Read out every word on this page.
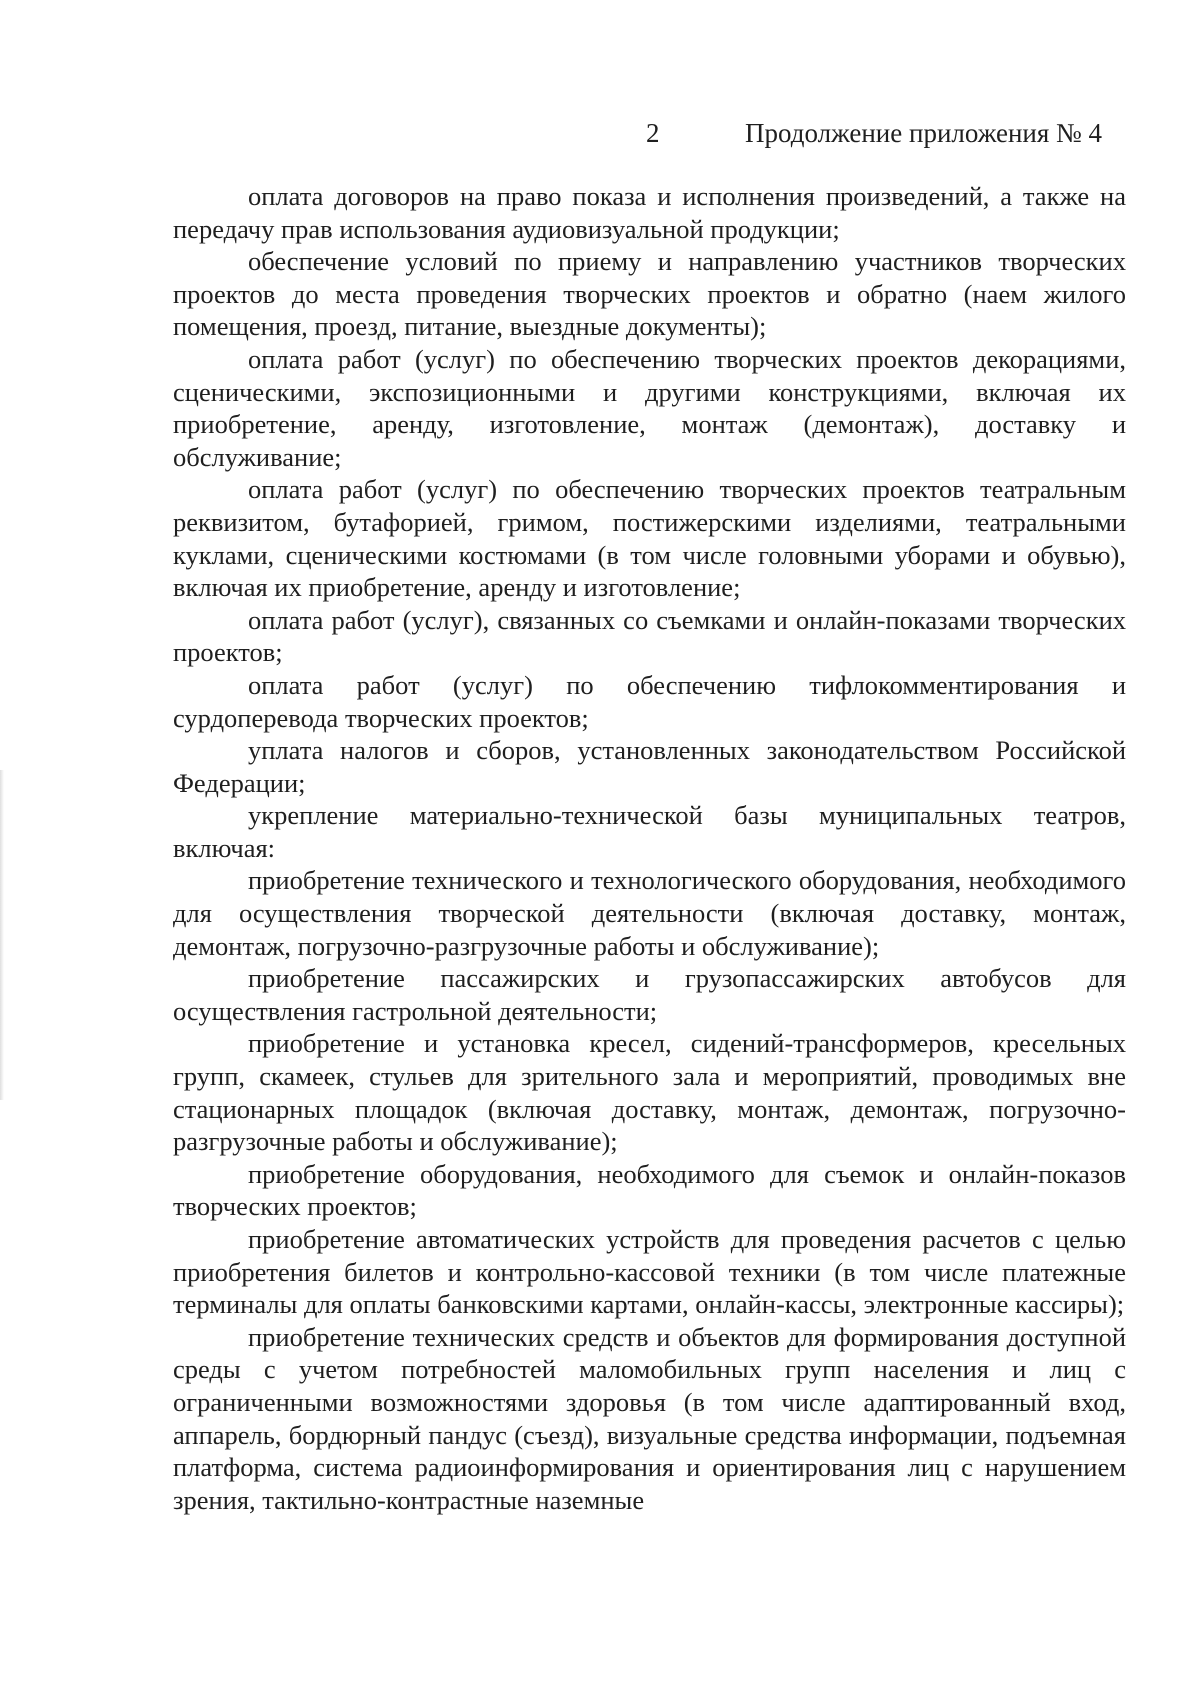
2	Продолжение приложения № 4

оплата договоров на право показа и исполнения произведений, а также на передачу прав использования аудиовизуальной продукции;

обеспечение условий по приему и направлению участников творческих проектов до места проведения творческих проектов и обратно (наем жилого помещения, проезд, питание, выездные документы);

оплата работ (услуг) по обеспечению творческих проектов декорациями, сценическими, экспозиционными и другими конструкциями, включая их приобретение, аренду, изготовление, монтаж (демонтаж), доставку и обслуживание;

оплата работ (услуг) по обеспечению творческих проектов театральным реквизитом, бутафорией, гримом, постижерскими изделиями, театральными куклами, сценическими костюмами (в том числе головными уборами и обувью), включая их приобретение, аренду и изготовление;

оплата работ (услуг), связанных со съемками и онлайн-показами творческих проектов;

оплата работ (услуг) по обеспечению тифлокомментирования и сурдоперевода творческих проектов;

уплата налогов и сборов, установленных законодательством Российской Федерации;

укрепление материально-технической базы муниципальных театров, включая:

приобретение технического и технологического оборудования, необходимого для осуществления творческой деятельности (включая доставку, монтаж, демонтаж, погрузочно-разгрузочные работы и обслуживание);

приобретение пассажирских и грузопассажирских автобусов для осуществления гастрольной деятельности;

приобретение и установка кресел, сидений-трансформеров, кресельных групп, скамеек, стульев для зрительного зала и мероприятий, проводимых вне стационарных площадок (включая доставку, монтаж, демонтаж, погрузочно-разгрузочные работы и обслуживание);

приобретение оборудования, необходимого для съемок и онлайн-показов творческих проектов;

приобретение автоматических устройств для проведения расчетов с целью приобретения билетов и контрольно-кассовой техники (в том числе платежные терминалы для оплаты банковскими картами, онлайн-кассы, электронные кассиры);

приобретение технических средств и объектов для формирования доступной среды с учетом потребностей маломобильных групп населения и лиц с ограниченными возможностями здоровья (в том числе адаптированный вход, аппарель, бордюрный пандус (съезд), визуальные средства информации, подъемная платформа, система радиоинформирования и ориентирования лиц с нарушением зрения, тактильно-контрастные наземные
